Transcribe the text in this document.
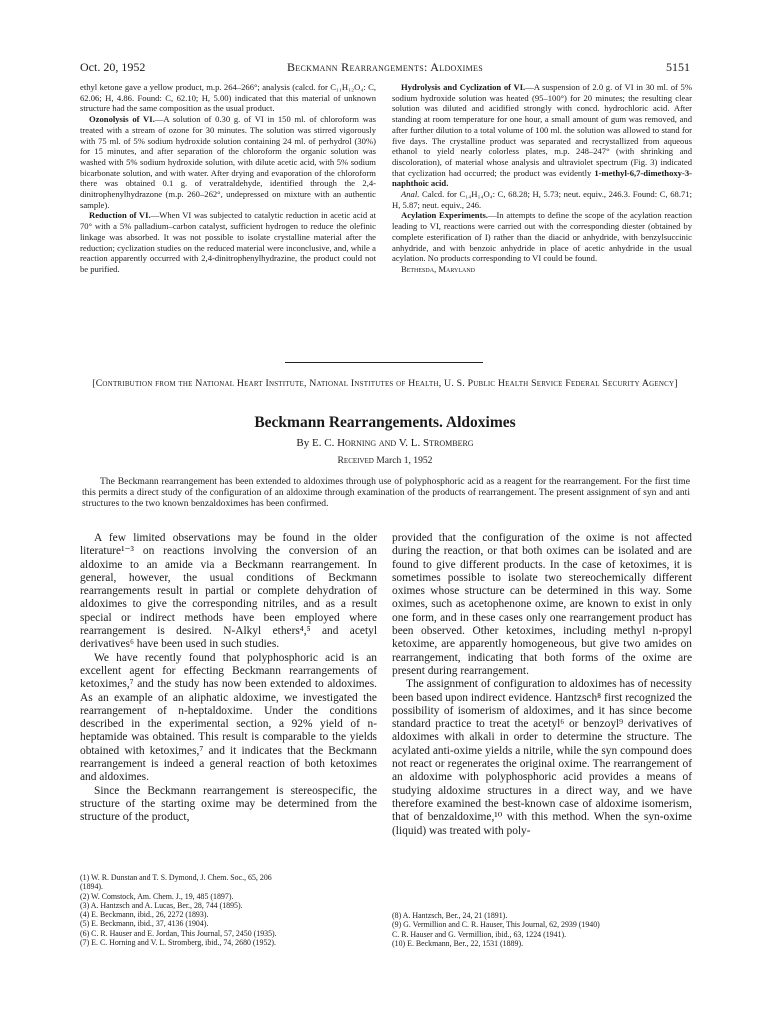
Oct. 20, 1952	Beckmann Rearrangements: Aldoximes	5151

ethyl ketone gave a yellow product, m.p. 264–266°; analysis (calcd. for C₁₁H₁₂O₄: C, 62.06; H, 4.86. Found: C, 62.10; H, 5.00) indicated that this material of unknown structure had the same composition as the usual product.

Ozonolysis of VI.—A solution of 0.30 g. of VI in 150 ml. of chloroform was treated with a stream of ozone for 30 minutes. The solution was stirred vigorously with 75 ml. of 5% sodium hydroxide solution containing 24 ml. of perhydrol (30%) for 15 minutes, and after separation of the chloroform the organic solution was washed with 5% sodium hydroxide solution, with dilute acetic acid, with 5% sodium bicarbonate solution, and with water. After drying and evaporation of the chloroform there was obtained 0.1 g. of veratraldehyde, identified through the 2,4-dinitrophenylhydrazone (m.p. 260–262°, undepressed on mixture with an authentic sample).

Reduction of VI.—When VI was subjected to catalytic reduction in acetic acid at 70° with a 5% palladium–carbon catalyst, sufficient hydrogen to reduce the olefinic linkage was absorbed. It was not possible to isolate crystalline material after the reduction; cyclization studies on the reduced material were inconclusive, and, while a reaction apparently occurred with 2,4-dinitrophenylhydrazine, the product could not be purified.

Hydrolysis and Cyclization of VI.—A suspension of 2.0 g. of VI in 30 ml. of 5% sodium hydroxide solution was heated (95–100°) for 20 minutes; the resulting clear solution was diluted and acidified strongly with concd. hydrochloric acid. After standing at room temperature for one hour, a small amount of gum was removed, and after further dilution to a total volume of 100 ml. the solution was allowed to stand for five days. The crystalline product was separated and recrystallized from aqueous ethanol to yield nearly colorless plates, m.p. 248–247° (with shrinking and discoloration), of material whose analysis and ultraviolet spectrum (Fig. 3) indicated that cyclization had occurred; the product was evidently 1-methyl-6,7-dimethoxy-3-naphthoic acid.

Anal. Calcd. for C₁₄H₁₄O₄: C, 68.28; H, 5.73; neut. equiv., 246.3. Found: C, 68.71; H, 5.87; neut. equiv., 246.

Acylation Experiments.—In attempts to define the scope of the acylation reaction leading to VI, reactions were carried out with the corresponding diester (obtained by complete esterification of I) rather than the diacid or anhydride, with benzylsuccinic anhydride, and with benzoic anhydride in place of acetic anhydride in the usual acylation. No products corresponding to VI could be found.

Bethesda, Maryland

[Contribution from the National Heart Institute, National Institutes of Health, U. S. Public Health Service Federal Security Agency]
Beckmann Rearrangements. Aldoximes
By E. C. Horning and V. L. Stromberg
Received March 1, 1952
The Beckmann rearrangement has been extended to aldoximes through use of polyphosphoric acid as a reagent for the rearrangement. For the first time this permits a direct study of the configuration of an aldoxime through examination of the products of rearrangement. The present assignment of syn and anti structures to the two known benzaldoximes has been confirmed.

A few limited observations may be found in the older literature¹⁻³ on reactions involving the conversion of an aldoxime to an amide via a Beckmann rearrangement. In general, however, the usual conditions of Beckmann rearrangements result in partial or complete dehydration of aldoximes to give the corresponding nitriles, and as a result special or indirect methods have been employed where rearrangement is desired. N-Alkyl ethers⁴,⁵ and acetyl derivatives⁶ have been used in such studies.

We have recently found that polyphosphoric acid is an excellent agent for effecting Beckmann rearrangements of ketoximes,⁷ and the study has now been extended to aldoximes. As an example of an aliphatic aldoxime, we investigated the rearrangement of n-heptaldoxime. Under the conditions described in the experimental section, a 92% yield of n-heptamide was obtained. This result is comparable to the yields obtained with ketoximes,⁷ and it indicates that the Beckmann rearrangement is indeed a general reaction of both ketoximes and aldoximes.

Since the Beckmann rearrangement is stereospecific, the structure of the starting oxime may be determined from the structure of the product,

provided that the configuration of the oxime is not affected during the reaction, or that both oximes can be isolated and are found to give different products. In the case of ketoximes, it is sometimes possible to isolate two stereochemically different oximes whose structure can be determined in this way. Some oximes, such as acetophenone oxime, are known to exist in only one form, and in these cases only one rearrangement product has been observed. Other ketoximes, including methyl n-propyl ketoxime, are apparently homogeneous, but give two amides on rearrangement, indicating that both forms of the oxime are present during rearrangement.

The assignment of configuration to aldoximes has of necessity been based upon indirect evidence. Hantzsch⁸ first recognized the possibility of isomerism of aldoximes, and it has since become standard practice to treat the acetyl⁶ or benzoyl⁹ derivatives of aldoximes with alkali in order to determine the structure. The acylated anti-oxime yields a nitrile, while the syn compound does not react or regenerates the original oxime. The rearrangement of an aldoxime with polyphosphoric acid provides a means of studying aldoxime structures in a direct way, and we have therefore examined the best-known case of aldoxime isomerism, that of benzaldoxime,¹⁰ with this method. When the syn-oxime (liquid) was treated with poly-

(1) W. R. Dunstan and T. S. Dymond, J. Chem. Soc., 65, 206
(1894).
(2) W. Comstock, Am. Chem. J., 19, 485 (1897).
(3) A. Hantzsch and A. Lucas, Ber., 28, 744 (1895).
(4) E. Beckmann, ibid., 26, 2272 (1893).
(5) E. Beckmann, ibid., 37, 4136 (1904).
(6) C. R. Hauser and E. Jordan, This Journal, 57, 2450 (1935).
(7) E. C. Horning and V. L. Stromberg, ibid., 74, 2680 (1952).
(8) A. Hantzsch, Ber., 24, 21 (1891).
(9) G. Vermillion and C. R. Hauser, This Journal, 62, 2939 (1940)
C. R. Hauser and G. Vermillion, ibid., 63, 1224 (1941).
(10) E. Beckmann, Ber., 22, 1531 (1889).
